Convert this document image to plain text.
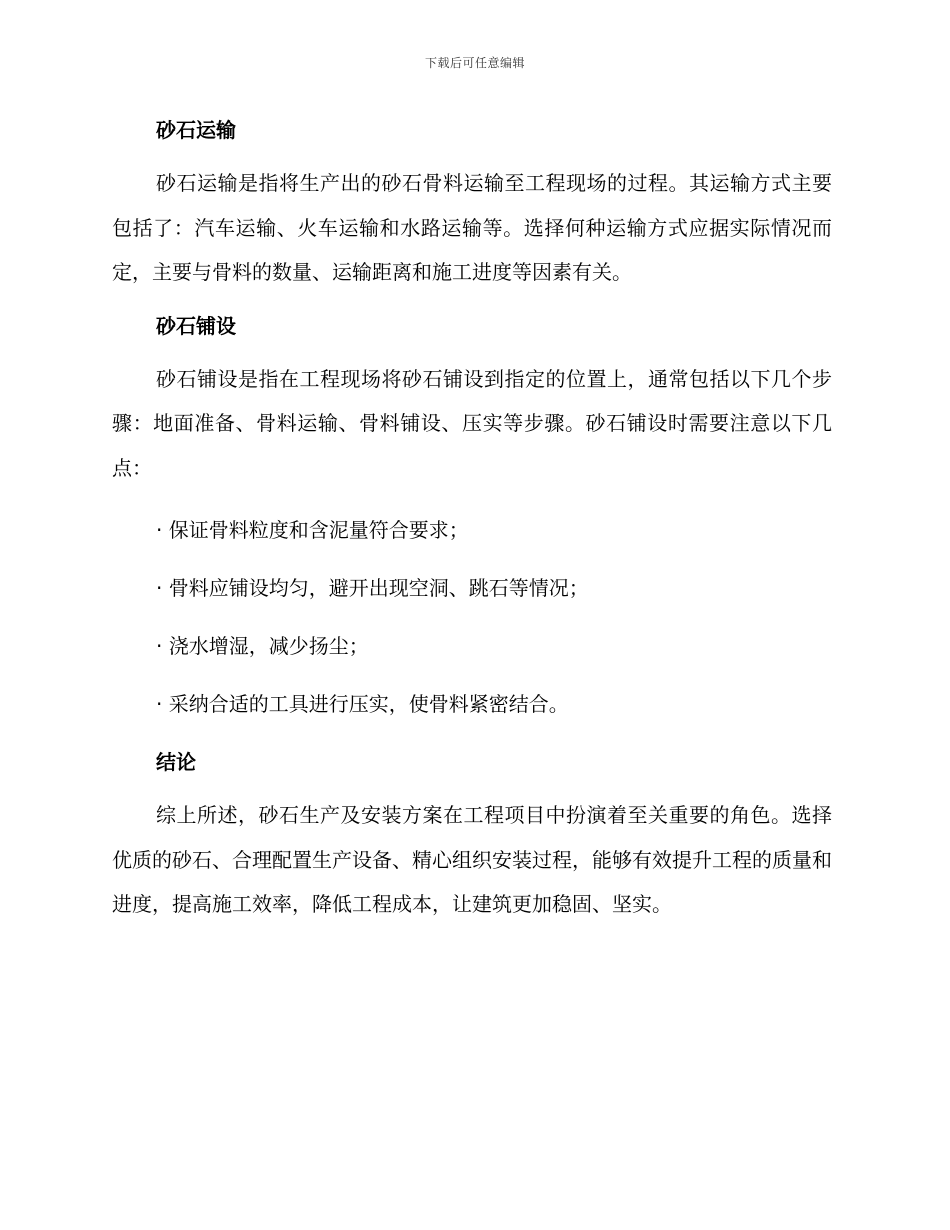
下载后可任意编辑
砂石运输

砂石运输是指将生产出的砂石骨料运输至工程现场的过程。其运输方式主要包括了：汽车运输、火车运输和水路运输等。选择何种运输方式应据实际情况而定，主要与骨料的数量、运输距离和施工进度等因素有关。

砂石铺设

砂石铺设是指在工程现场将砂石铺设到指定的位置上，通常包括以下几个步骤：地面准备、骨料运输、骨料铺设、压实等步骤。砂石铺设时需要注意以下几点：

· 保证骨料粒度和含泥量符合要求；
· 骨料应铺设均匀，避开出现空洞、跳石等情况；
· 浇水增湿，减少扬尘；
· 采纳合适的工具进行压实，使骨料紧密结合。
结论

综上所述，砂石生产及安装方案在工程项目中扮演着至关重要的角色。选择优质的砂石、合理配置生产设备、精心组织安装过程，能够有效提升工程的质量和进度，提高施工效率，降低工程成本，让建筑更加稳固、坚实。
